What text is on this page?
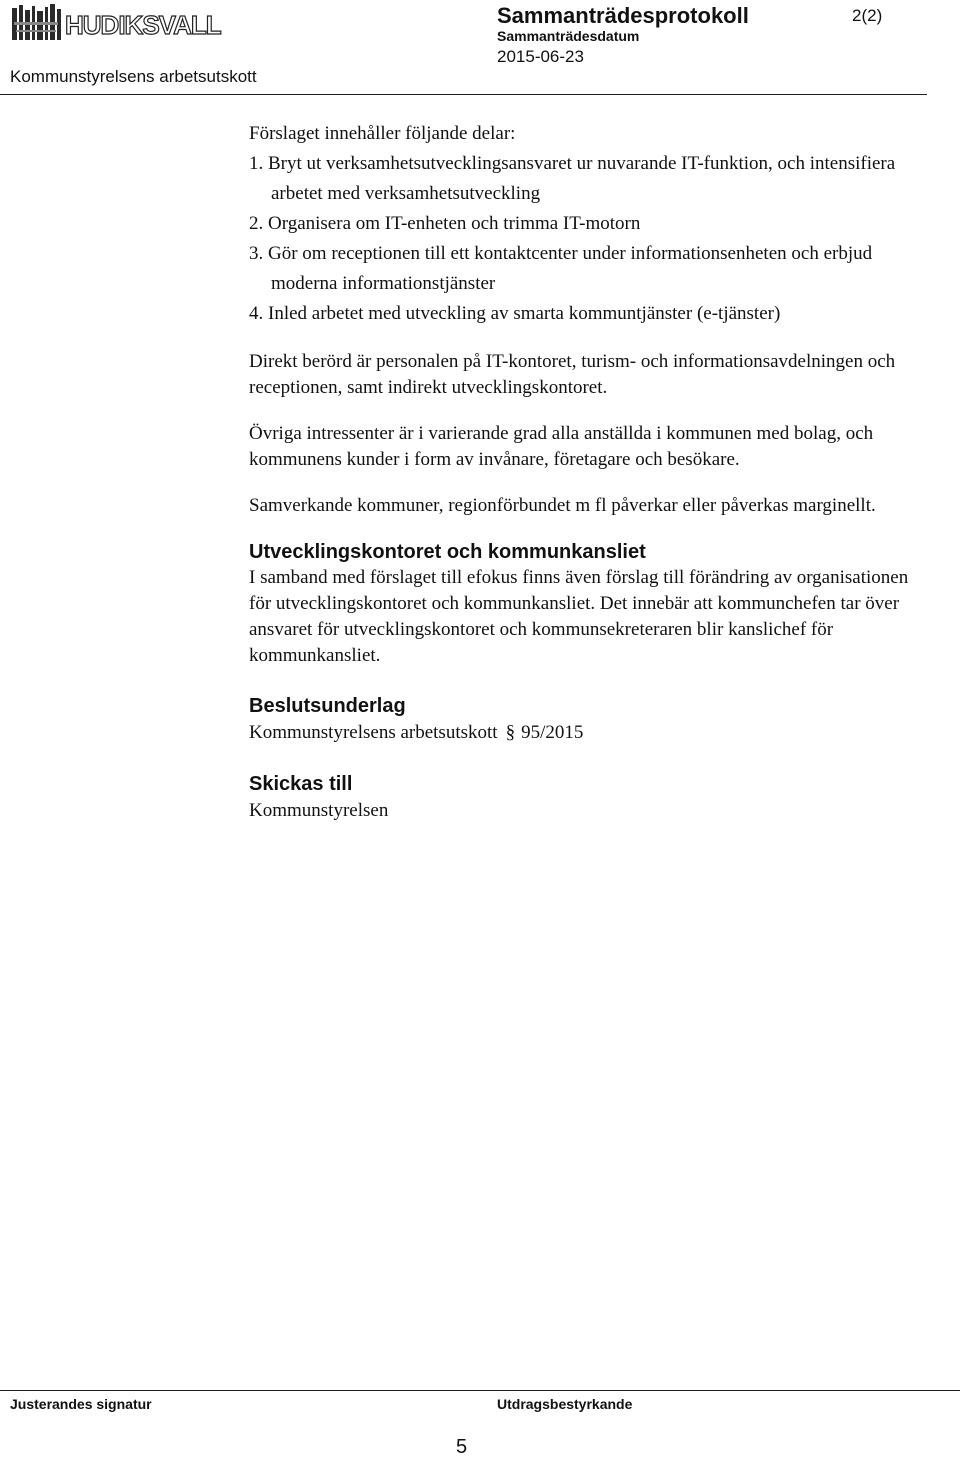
HUDIKSVALL	Sammanträdesprotokoll	2(2)
Sammanträdesdatum
2015-06-23
Kommunstyrelsens arbetsutskott

Förslaget innehåller följande delar:

1. Bryt ut verksamhetsutvecklingsansvaret ur nuvarande IT-funktion, och intensifiera arbetet med verksamhetsutveckling
2. Organisera om IT-enheten och trimma IT-motorn
3. Gör om receptionen till ett kontaktcenter under informationsenheten och erbjud moderna informationstjänster
4. Inled arbetet med utveckling av smarta kommuntjänster (e-tjänster)

Direkt berörd är personalen på IT-kontoret, turism- och informationsavdelningen och receptionen, samt indirekt utvecklingskontoret.

Övriga intressenter är i varierande grad alla anställda i kommunen med bolag, och kommunens kunder i form av invånare, företagare och besökare.

Samverkande kommuner, regionförbundet m fl påverkar eller påverkas marginellt.

Utvecklingskontoret och kommunkansliet

I samband med förslaget till efokus finns även förslag till förändring av organisationen för utvecklingskontoret och kommunkansliet. Det innebär att kommunchefen tar över ansvaret för utvecklingskontoret och kommunsekreteraren blir kanslichef för kommunkansliet.

Beslutsunderlag

Kommunstyrelsens arbetsutskott § 95/2015

Skickas till

Kommunstyrelsen

Justerandes signatur	Utdragsbestyrkande
5
